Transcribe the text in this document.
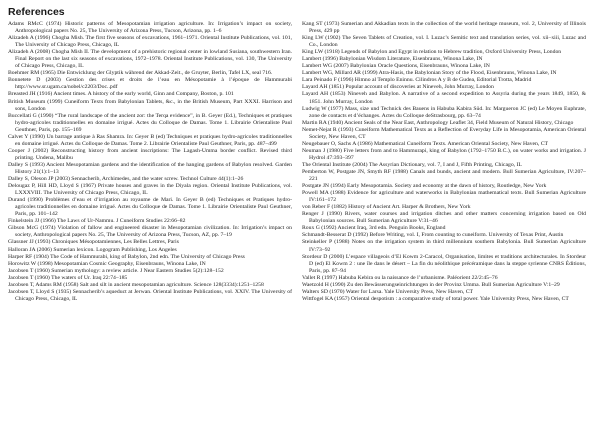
References

Adams RMcC (1974) Historic patterns of Mesopotamian irrigation agriculture. In: Irrigation’s impact on society, Anthropological papers No. 25, The University of Arizona Press, Tucson, Arizona, pp. 1–6

Alizadeh A (1996) Chogha Mish. The first five seasons of excavations, 1961–1971. Oriental Institute Publications, vol. 101, The University of Chicago Press, Chicago, IL

Alizadeh A (2008) Chogha Mish II. The development of a prehistoric regional center in lowland Susiana, southwestern Iran. Final Report on the last six seasons of excavations, 1972–1978. Oriental Institute Publications, vol. 130, The University of Chicago Press, Chicago, IL

Boehmer RM (1965) Die Entwicklung der Glyptik während der Akkad-Zeit., de Gruyter, Berlin, Tafel LX, seal 716.

Bonnetete D (2003) Gestion des crises et droits de l’eau en Mésopotamie à l’époque de Hammurabi http://www.sr.ugam.ca/nobel/c2203/Doc..pdf

Breasted JH (1916) Ancient times. A history of the early world, Ginn and Company, Boston, p. 101

British Museum (1999) Cuneiform Texts from Babylonian Tablets, &c., in the British Museum, Part XXXI. Harrison and sons, London

Buccellati G (1990) “The rural landscape of the ancient zor: the Terqa evidence”, in B. Geyer (Ed.), Techniques et pratiques hydro-agricoles traditionnelles en domaine irrigué. Actes du Colloque de Damas. Tome 1. Librairie Orientaliste Paul Geuthner, Paris, pp. 155–169

Calvet Y (1990) Un barrage antique à Ras Shamra. In: Geyer B (ed) Techniques et pratiques hydro-agricoles traditionnelles en domaine irrigué. Actes du Colloque de Damas. Tome 2. Librairie Orientaliste Paul Geuthner, Paris, pp. 487–499

Cooper J (2002) Reconstructing history from ancient inscriptions: The Lagash-Umma border conflict. Revised third printing. Undena, Malibu

Dalley S (1993) Ancient Mesopotamian gardens and the identification of the hanging gardens of Babylon resolved. Garden History 21(1):1–13

Dalley S, Oleson JP (2003) Sennacherib, Archimedes, and the water screw. Technol Culture 44(1):1–26

Delougaz P, Hill HD, Lloyd S (1967) Private houses and graves in the Diyala region. Oriental Institute Publications, vol. LXXXVIII. The University of Chicago Press, Chicago, IL

Durand (1990) Problèmes d’eau et d’irrigation au royaume de Mari. In Geyer B (ed) Techniques et Pratiques hydro-agricoles traditionnelles en domaine irrigué. Actes du Colloque de Damas. Tome 1. Librairie Orientaliste Paul Geuthner, Paris, pp. 101–142

Finkelstein JJ (1966) The Laws of Ur-Nammu. J Cuneiform Studies 22:66–82

Gibson McG (1974) Violation of fallow and engineered disaster in Mesopotamian civilization. In: Irrigation’s impact on society, Anthropological papers No. 25, The University of Arizona Press, Tucson, AZ, pp. 7–19

Glassner JJ (1993) Chroniques Mésopotamiennes, Les Belles Lettres, Paris

Halloran JA (2006) Sumerian lexicon. Logogram Publishing, Los Angeles

Harper RF (1904) The Code of Hammurabi, king of Babylon, 2nd edn. The University of Chicago Press

Horowitz W (1998) Mesopotamian Cosmic Geography, Eisenbrauns, Winona Lake, IN

Jacobsen T (1960) Sumerian mythology: a review article. J Near Eastern Studies 5(2):128–152

Jacobsen T (1960) The waters of Ur. Iraq 22:74–185

Jacobsen T, Adams RM (1958) Salt and silt in ancient mesopotamian agriculture. Science 128(3334):1251–1258

Jacobsen T, Lloyd S (1935) Sennacherib’s aqueduct at Jerwan. Oriental Institute Publications, vol. XXIV. The University of Chicago Press, Chicago, IL

Kang ST (1973) Sumerian and Akkadian texts in the collection of the world heritage museum, vol. 2, University of Illinois Press, 429 pp

King LW (1902) The Seven Tablets of Creation, vol. I. Luzac’s Semitic text and translation series, vol. xii–xiii, Luzac and Co., London

King LW (1918) Legends of Babylon and Egypt in relation to Hebrew tradition, Oxford University Press, London

Lambert (1996) Babylonian Wisdom Literature, Eisenbrauns, Winona Lake, IN

Lambert WG (2007) Babylonian Oracle Questions, Eisenbrauns, Winona Lake, IN

Lambert WG, Millard AR (1999) Atra-Hasis, the Babylonian Story of the Flood, Eisenbrauns, Winona Lake, IN

Lara Peinado F (1996) Himno al Templo Eninnu. Cilindros A y B de Gudea, Editorial Trotta, Madrid

Layard AH (1851) Popular account of discoveries at Nineveh, John Murray, London

Layard AH (1853) Nineveh and Babylon. A narrative of a second expedition to Assyria during the years 1849, 1850, & 1851. John Murray, London

Ludwig W (1977) Mass, size und Technick des Bauens in Habuba Kabira Süd. In: Margueron JC (ed) Le Moyen Euphrate, zone de contacts et d’échanges. Actes du Colloque deStrasbourg, pp. 63–74

Martin RA (1940) Ancient Seals of the Near East, Anthropology Leaflet 34, Field Museum of Natural History, Chicago

Nemet-Nejat R (1993) Cuneiform Mathematical Texts as a Reflection of Everyday Life in Mesopotamia, American Oriental Society, New Haven, CT

Neugebauer O, Sachs A (1986) Mathematical Cuneiform Texts. American Oriental Society, New Haven, CT

Neuman J (1980) Five letters from and to Hammurapi, king of Babylon (1792–1750 B.C.), on water works and irrigation. J Hydrol 47:393–397

The Oriental Institute (2004) The Assyrian Dictionary, vol. 7, I and J, Fifth Printing, Chicago, IL

Pemberton W, Postgate JN, Smyth RF (1988) Canals and bunds, ancient and modern. Bull Sumerian Agriculture, IV:207–221

Postgate JN (1994) Early Mesopotamia. Society and economy at the dawn of history, Routledge, New York

Powell MA (1988) Evidence for agriculture and waterworks in Babylonian mathematical texts. Bull Sumerian Agriculture IV:161–172

von Reber F (1882) History of Ancient Art. Harper & Brothers, New York

Renger J (1990) Rivers, water courses and irrigation ditches and other matters concerning irrigation based on Old Babylonian sources. Bull Sumerian Agriculture V:31–46

Roux G (1992) Ancient Iraq, 3rd edn. Penguin Books, England

Schmandt-Besserat D (1992) Before Writing, vol. I, From counting to cuneiform. University of Texas Print, Austin

Steinkeller P (1988) Notes on the irrigation system in third millennium southern Babylonia. Bull Sumerian Agriculture IV:73–92

Stordeur D (2000) L’espace villageois d’El Kowm 2-Caracol, Organisation, limites et traditions architecturales. In Stordeur D (ed) El Kowm 2 : une île dans le désert – La fin du néolithique précéramique dans la steppe syrienne CNRS Éditions, Paris, pp. 87–94

Vallet R (1997) Habuba Kebira ou la naissance de l’urbanisme. Paléorient 22/2:45–76

Waetzold H (1990) Zu den Bewässerungseinrichtungen in der Provinz Umma. Bull Sumerian Agriculture V:1–29

Walters SD (1970) Water for Larsa. Yale University Press, New Haven, CT

Wittfogel KA (1957) Oriental despotism : a comparative study of total power. Yale University Press, New Haven, CT
